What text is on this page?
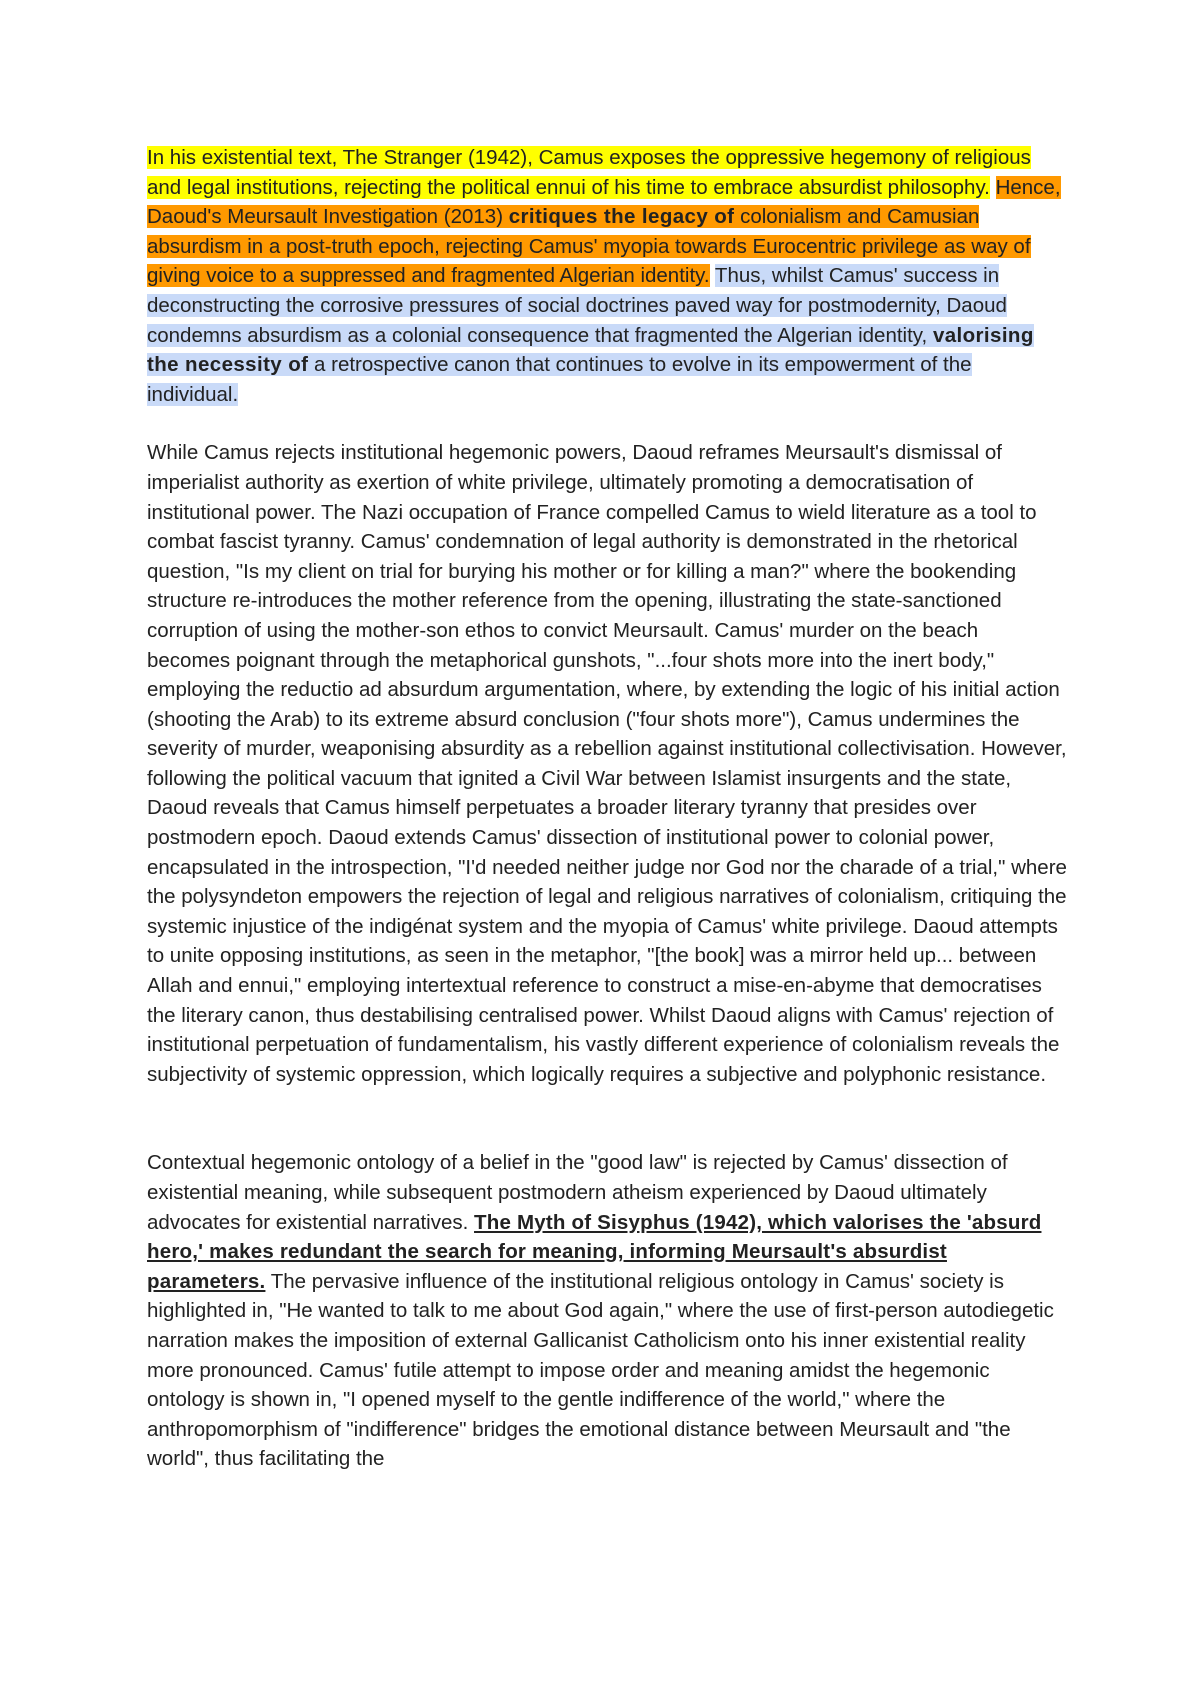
In his existential text, The Stranger (1942), Camus exposes the oppressive hegemony of religious and legal institutions, rejecting the political ennui of his time to embrace absurdist philosophy. Hence, Daoud's Meursault Investigation (2013) critiques the legacy of colonialism and Camusian absurdism in a post-truth epoch, rejecting Camus' myopia towards Eurocentric privilege as way of giving voice to a suppressed and fragmented Algerian identity. Thus, whilst Camus' success in deconstructing the corrosive pressures of social doctrines paved way for postmodernity, Daoud condemns absurdism as a colonial consequence that fragmented the Algerian identity, valorising the necessity of a retrospective canon that continues to evolve in its empowerment of the individual.

While Camus rejects institutional hegemonic powers, Daoud reframes Meursault's dismissal of imperialist authority as exertion of white privilege, ultimately promoting a democratisation of institutional power. The Nazi occupation of France compelled Camus to wield literature as a tool to combat fascist tyranny. Camus' condemnation of legal authority is demonstrated in the rhetorical question, "Is my client on trial for burying his mother or for killing a man?" where the bookending structure re-introduces the mother reference from the opening, illustrating the state-sanctioned corruption of using the mother-son ethos to convict Meursault. Camus' murder on the beach becomes poignant through the metaphorical gunshots, "...four shots more into the inert body," employing the reductio ad absurdum argumentation, where, by extending the logic of his initial action (shooting the Arab) to its extreme absurd conclusion ("four shots more"), Camus undermines the severity of murder, weaponising absurdity as a rebellion against institutional collectivisation. However, following the political vacuum that ignited a Civil War between Islamist insurgents and the state, Daoud reveals that Camus himself perpetuates a broader literary tyranny that presides over postmodern epoch. Daoud extends Camus' dissection of institutional power to colonial power, encapsulated in the introspection, "I'd needed neither judge nor God nor the charade of a trial," where the polysyndeton empowers the rejection of legal and religious narratives of colonialism, critiquing the systemic injustice of the indigénat system and the myopia of Camus' white privilege. Daoud attempts to unite opposing institutions, as seen in the metaphor, "[the book] was a mirror held up... between Allah and ennui," employing intertextual reference to construct a mise-en-abyme that democratises the literary canon, thus destabilising centralised power. Whilst Daoud aligns with Camus' rejection of institutional perpetuation of fundamentalism, his vastly different experience of colonialism reveals the subjectivity of systemic oppression, which logically requires a subjective and polyphonic resistance.

Contextual hegemonic ontology of a belief in the "good law" is rejected by Camus' dissection of existential meaning, while subsequent postmodern atheism experienced by Daoud ultimately advocates for existential narratives. The Myth of Sisyphus (1942), which valorises the 'absurd hero,' makes redundant the search for meaning, informing Meursault's absurdist parameters. The pervasive influence of the institutional religious ontology in Camus' society is highlighted in, "He wanted to talk to me about God again," where the use of first-person autodiegetic narration makes the imposition of external Gallicanist Catholicism onto his inner existential reality more pronounced. Camus' futile attempt to impose order and meaning amidst the hegemonic ontology is shown in, "I opened myself to the gentle indifference of the world," where the anthropomorphism of "indifference" bridges the emotional distance between Meursault and "the world", thus facilitating the
